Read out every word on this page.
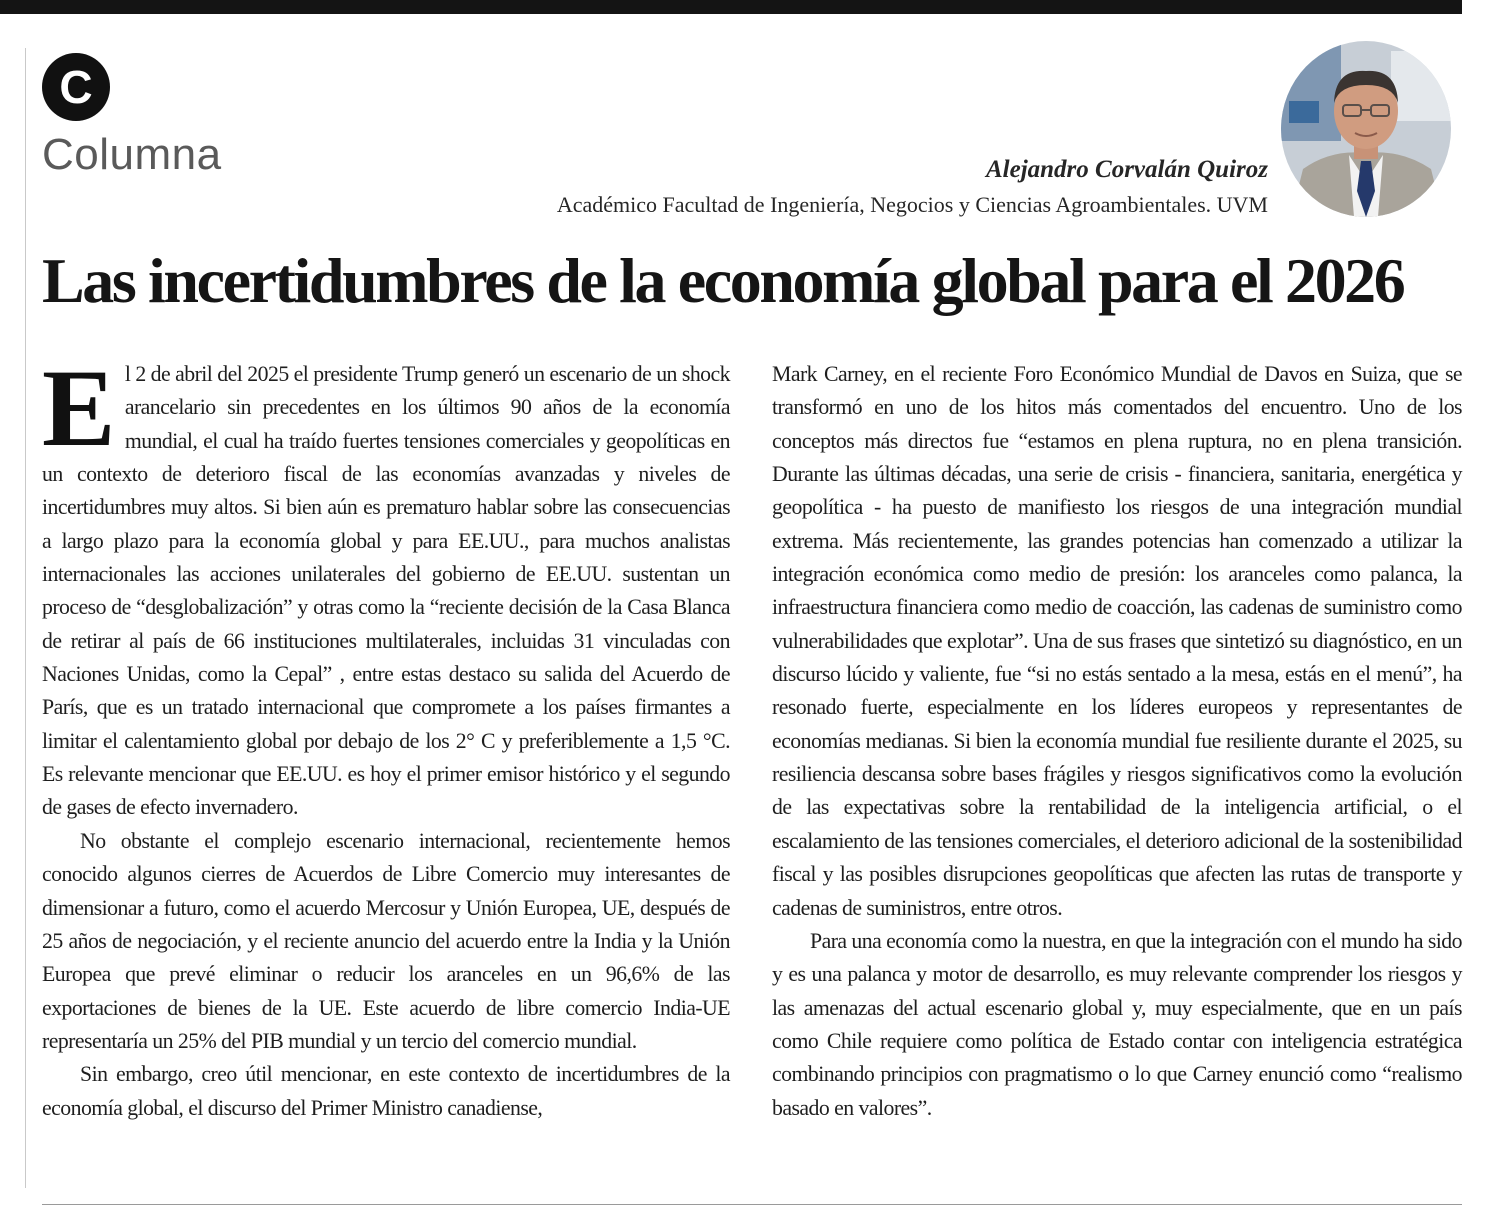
C
Columna	Alejandro Corvalán Quiroz
Académico Facultad de Ingeniería, Negocios y Ciencias Agroambientales. UVM
Las incertidumbres de la economía global para el 2026

El 2 de abril del 2025 el presidente Trump generó un escenario de un shock arancelario sin precedentes en los últimos 90 años de la economía mundial, el cual ha traído fuertes tensiones comerciales y geopolíticas en un contexto de deterioro fiscal de las economías avanzadas y niveles de incertidumbres muy altos. Si bien aún es prematuro hablar sobre las consecuencias a largo plazo para la economía global y para EE.UU., para muchos analistas internacionales las acciones unilaterales del gobierno de EE.UU. sustentan un proceso de “desglobalización” y otras como la “reciente decisión de la Casa Blanca de retirar al país de 66 instituciones multilaterales, incluidas 31 vinculadas con Naciones Unidas, como la Cepal” , entre estas destaco su salida del Acuerdo de París, que es un tratado internacional que compromete a los países firmantes a limitar el calentamiento global por debajo de los 2° C y preferiblemente a 1,5 °C. Es relevante mencionar que EE.UU. es hoy el primer emisor histórico y el segundo de gases de efecto invernadero.

No obstante el complejo escenario internacional, recientemente hemos conocido algunos cierres de Acuerdos de Libre Comercio muy interesantes de dimensionar a futuro, como el acuerdo Mercosur y Unión Europea, UE, después de 25 años de negociación, y el reciente anuncio del acuerdo entre la India y la Unión Europea que prevé eliminar o reducir los aranceles en un 96,6% de las exportaciones de bienes de la UE. Este acuerdo de libre comercio India-UE representaría un 25% del PIB mundial y un tercio del comercio mundial.

Sin embargo, creo útil mencionar, en este contexto de incertidumbres de la economía global, el discurso del Primer Ministro canadiense,

Mark Carney, en el reciente Foro Económico Mundial de Davos en Suiza, que se transformó en uno de los hitos más comentados del encuentro. Uno de los conceptos más directos fue “estamos en plena ruptura, no en plena transición. Durante las últimas décadas, una serie de crisis - financiera, sanitaria, energética y geopolítica - ha puesto de manifiesto los riesgos de una integración mundial extrema. Más recientemente, las grandes potencias han comenzado a utilizar la integración económica como medio de presión: los aranceles como palanca, la infraestructura financiera como medio de coacción, las cadenas de suministro como vulnerabilidades que explotar”. Una de sus frases que sintetizó su diagnóstico, en un discurso lúcido y valiente, fue “si no estás sentado a la mesa, estás en el menú”, ha resonado fuerte, especialmente en los líderes europeos y representantes de economías medianas. Si bien la economía mundial fue resiliente durante el 2025, su resiliencia descansa sobre bases frágiles y riesgos significativos como la evolución de las expectativas sobre la rentabilidad de la inteligencia artificial, o el escalamiento de las tensiones comerciales, el deterioro adicional de la sostenibilidad fiscal y las posibles disrupciones geopolíticas que afecten las rutas de transporte y cadenas de suministros, entre otros.

Para una economía como la nuestra, en que la integración con el mundo ha sido y es una palanca y motor de desarrollo, es muy relevante comprender los riesgos y las amenazas del actual escenario global y, muy especialmente, que en un país como Chile requiere como política de Estado contar con inteligencia estratégica combinando principios con pragmatismo o lo que Carney enunció como “realismo basado en valores”.
